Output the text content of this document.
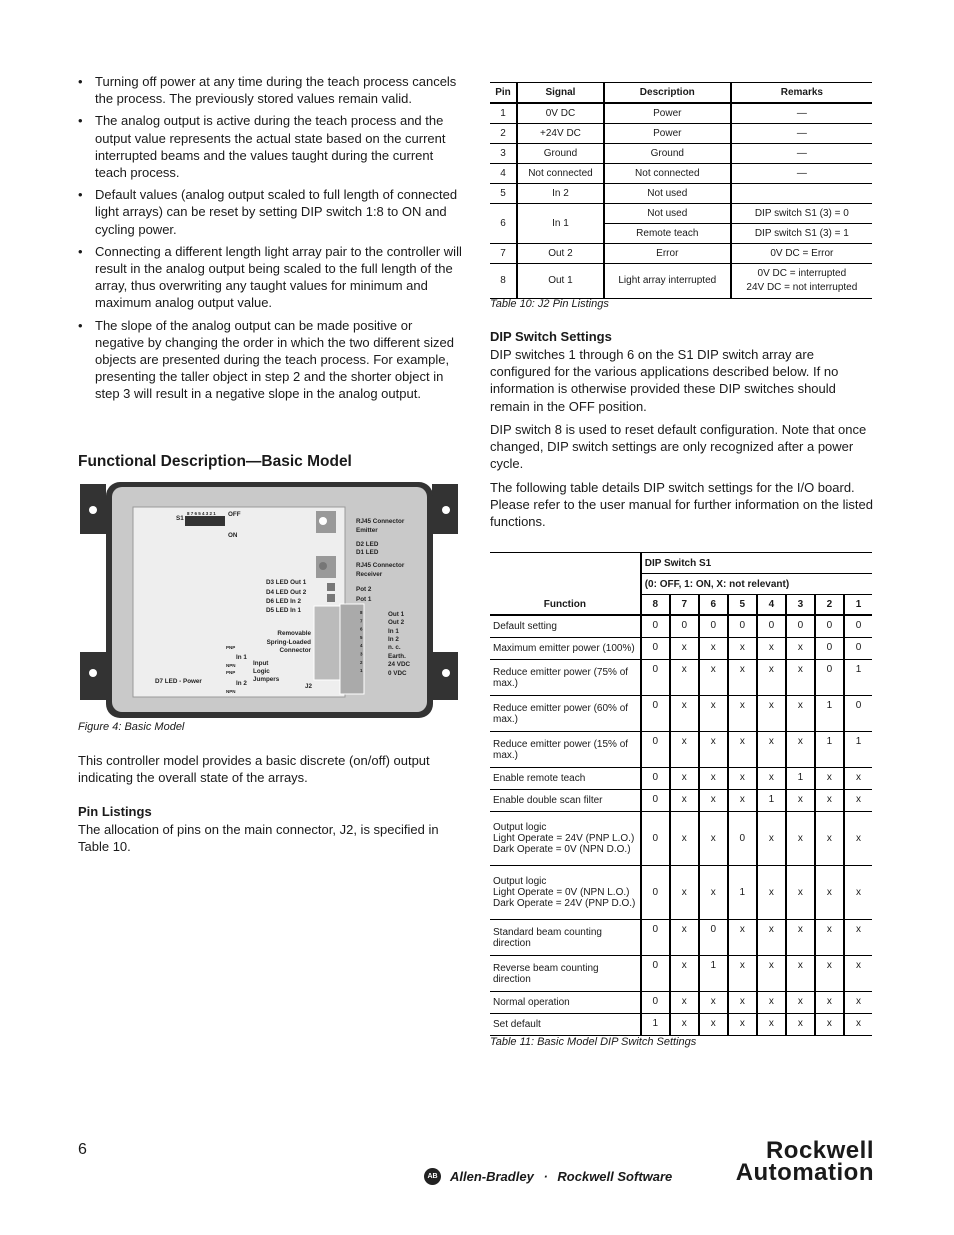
• Turning off power at any time during the teach process cancels the process. The previously stored values remain valid.
• The analog output is active during the teach process and the output value represents the actual state based on the current interrupted beams and the values taught during the current teach process.
• Default values (analog output scaled to full length of connected light arrays) can be reset by setting DIP switch 1:8 to ON and cycling power.
• Connecting a different length light array pair to the controller will result in the analog output being scaled to the full length of the array, thus overwriting any taught values for minimum and maximum analog output value.
• The slope of the analog output can be made positive or negative by changing the order in which the two different sized objects are presented during the teach process. For example, presenting the taller object in step 2 and the shorter object in step 3 will result in a negative slope in the analog output.
Functional Description—Basic Model
S1
8 7 6 5 4 3 2 1 OFF
ON
RJ45 Connector
Emitter
D2 LED
D1 LED
RJ45 Connector
Receiver
Pot 2
Pot 1
D3 LED Out 1
D4 LED Out 2
D6 LED In 2
D5 LED In 1
Out 1
Out 2
In 1
In 2
n. c.
Earth.
24 VDC
0 VDC
Input
Logic
Jumpers
In 1
In 2
PNP
NPN
PNP
NPN
D7 LED - Power
J2
Removable
Spring-Loaded
Connector
8
7
6
5
4
3
2
1
Figure 4: Basic Model
This controller model provides a basic discrete (on/off) output indicating the overall state of the arrays.
Pin Listings
The allocation of pins on the main connector, J2, is specified in Table 10.
Pin	Signal	Description	Remarks
1	0V DC	Power	—
2	+24V DC	Power	—
3	Ground	Ground	—
4	Not connected	Not connected	—
5	In 2	Not used	
6	In 1	Not used	DIP switch S1 (3) = 0
		Remote teach	DIP switch S1 (3) = 1
7	Out 2	Error	0V DC = Error
8	Out 1	Light array interrupted	0V DC = interrupted
24V DC = not interrupted
Table 10: J2 Pin Listings
DIP Switch Settings
DIP switches 1 through 6 on the S1 DIP switch array are configured for the various applications described below. If no information is otherwise provided these DIP switches should remain in the OFF position.
DIP switch 8 is used to reset default configuration. Note that once changed, DIP switch settings are only recognized after a power cycle.
The following table details DIP switch settings for the I/O board. Please refer to the user manual for further information on the listed functions.
Function	DIP Switch S1							
	(0: OFF, 1: ON, X: not relevant)							
	8	7	6	5	4	3	2	1

Default setting	0	0	0	0	0	0	0	0

Maximum emitter power (100%)	0	x	x	x	x	x	0	0

Reduce emitter power (75% of max.)	0	x	x	x	x	x	0	1

Reduce emitter power (60% of max.)	0	x	x	x	x	x	1	0

Reduce emitter power (15% of max.)	0	x	x	x	x	x	1	1

Enable remote teach	0	x	x	x	x	1	x	x

Enable double scan filter	0	x	x	x	1	x	x	x

Output logic
Light Operate = 24V (PNP L.O.)
Dark Operate = 0V (NPN D.O.)	0	x	x	0	x	x	x	x

Output logic
Light Operate = 0V (NPN L.O.)
Dark Operate = 24V (PNP D.O.)	0	x	x	1	x	x	x	x

Standard beam counting direction	0	x	0	x	x	x	x	x

Reverse beam counting direction	0	x	1	x	x	x	x	x

Normal operation	0	x	x	x	x	x	x	x

Set default	1	x	x	x	x	x	x	x
Table 11: Basic Model DIP Switch Settings
6
AB Allen-Bradley · Rockwell Software
Rockwell
Automation
